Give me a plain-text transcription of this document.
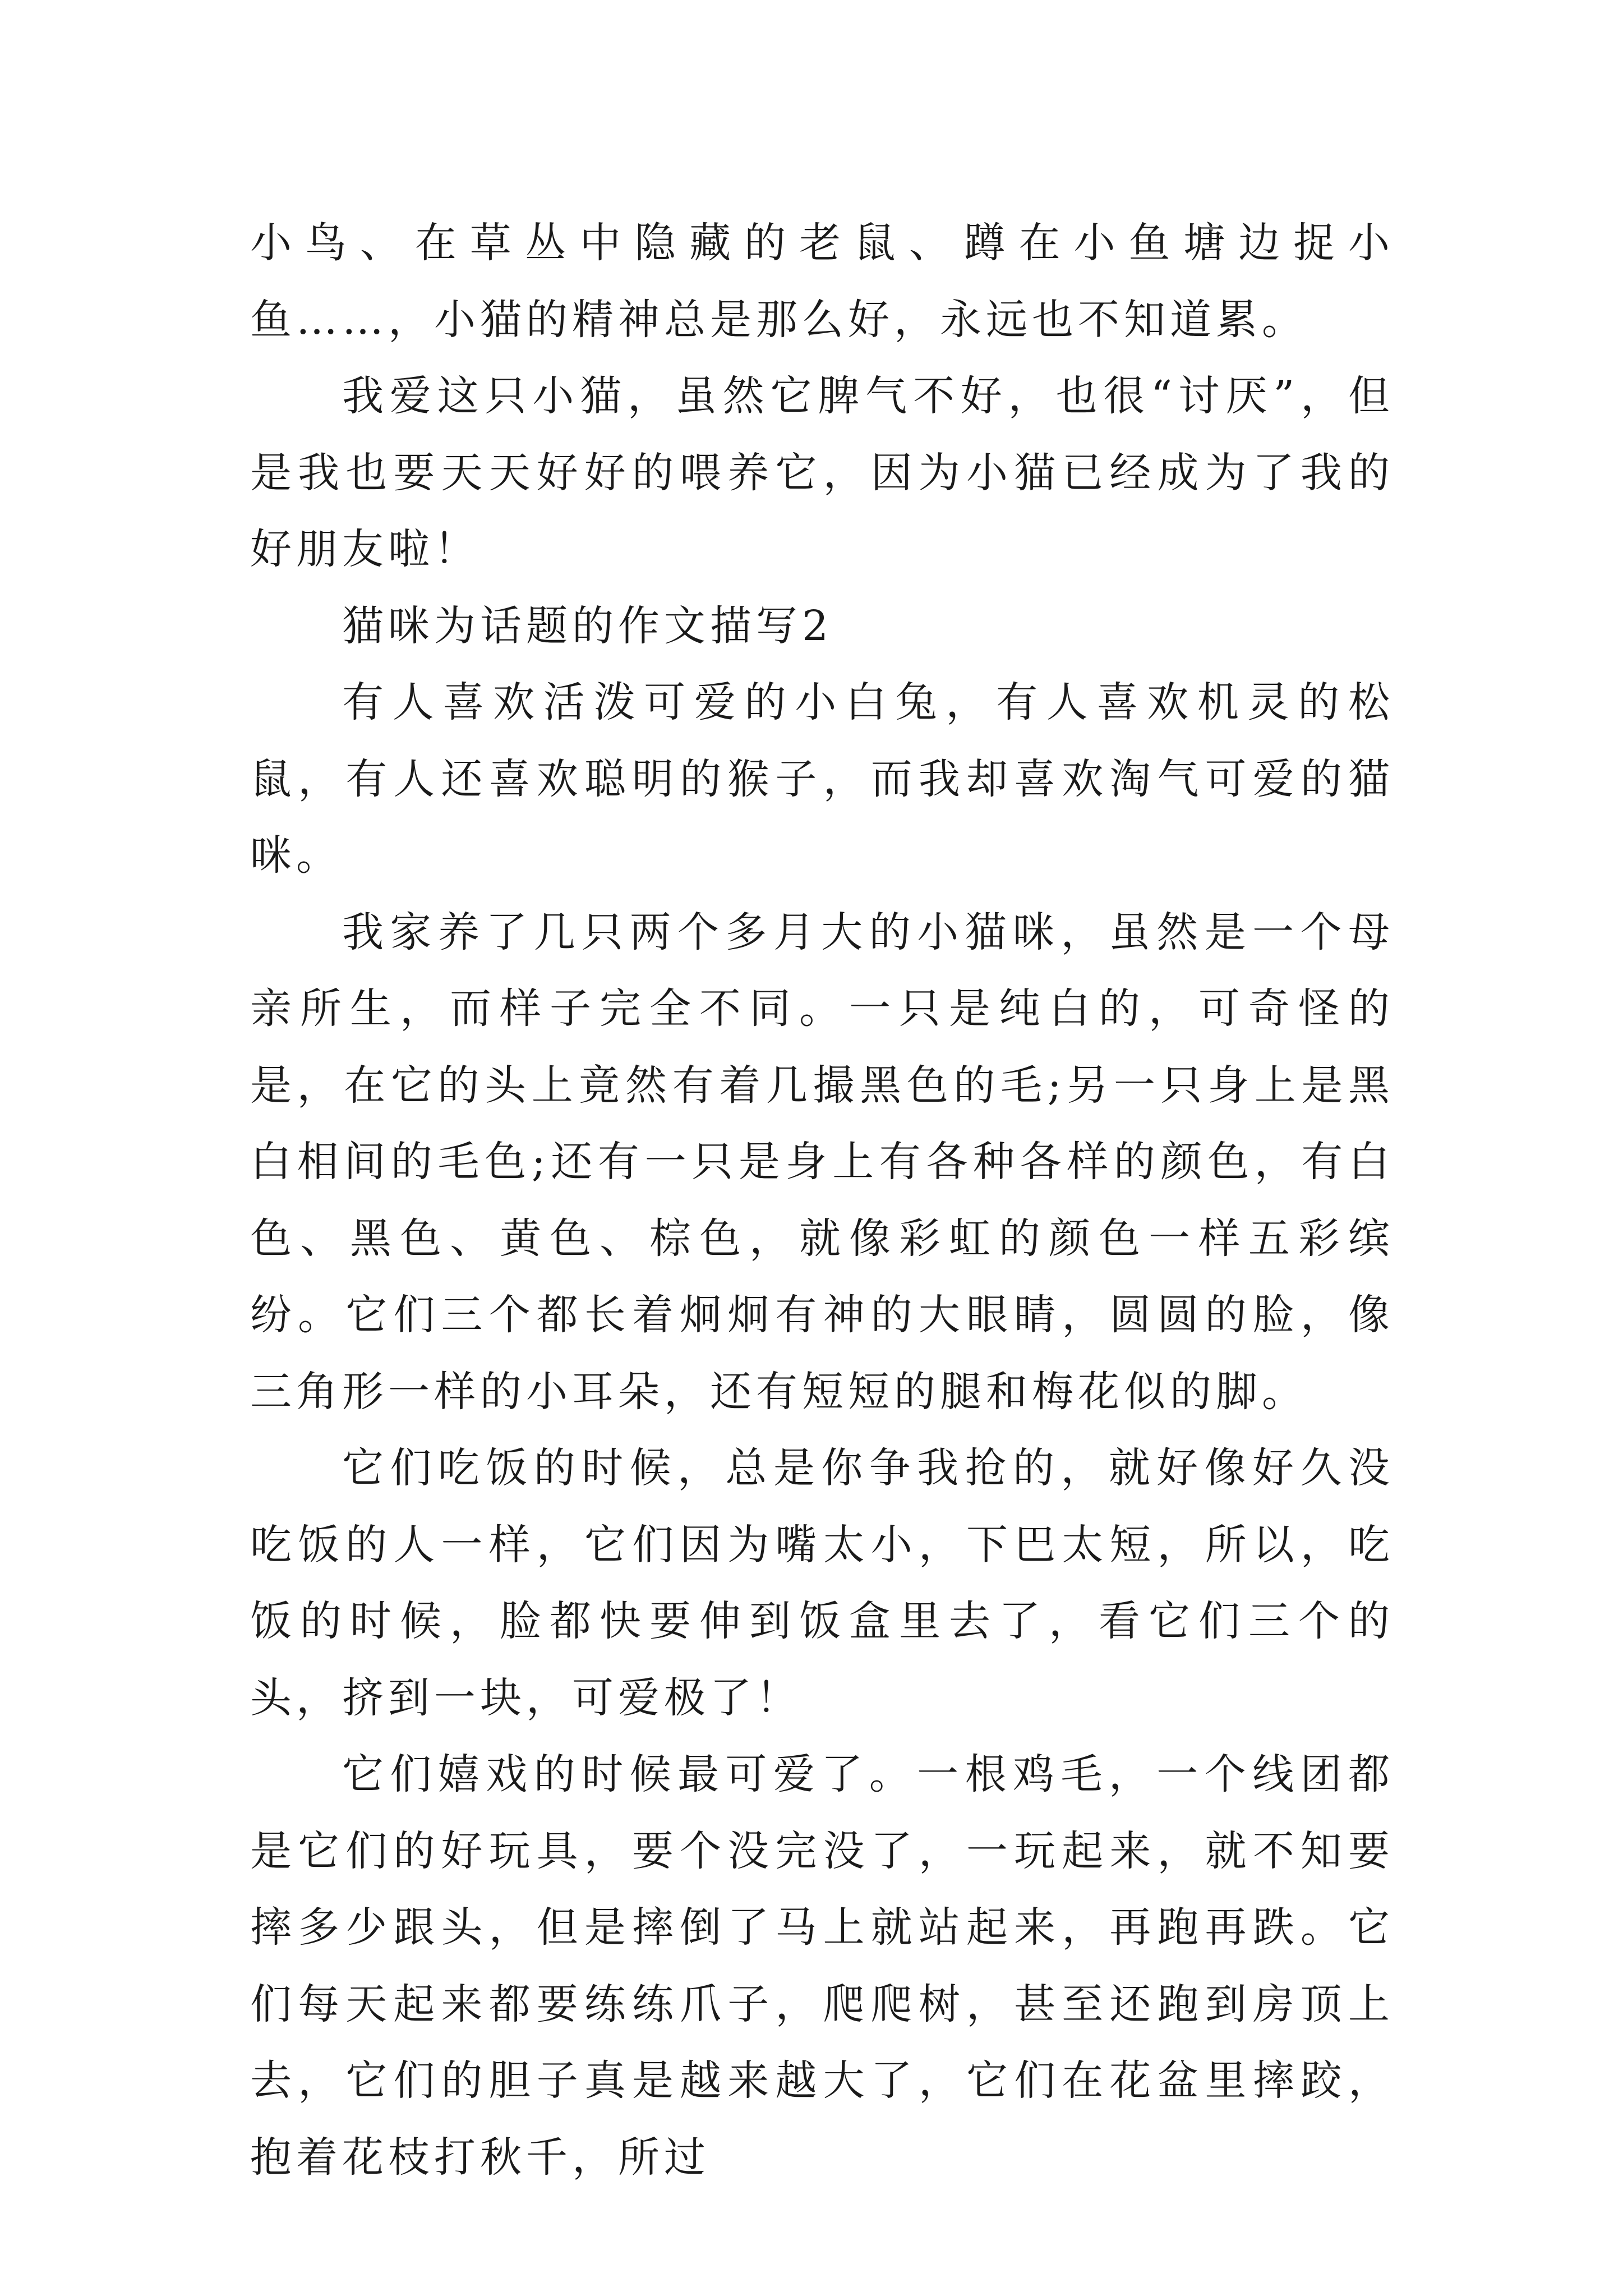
小鸟、在草丛中隐藏的老鼠、蹲在小鱼塘边捉小鱼……，小猫的精神总是那么好，永远也不知道累。

我爱这只小猫，虽然它脾气不好，也很“讨厌”，但是我也要天天好好的喂养它，因为小猫已经成为了我的好朋友啦！

猫咪为话题的作文描写2

有人喜欢活泼可爱的小白兔，有人喜欢机灵的松鼠，有人还喜欢聪明的猴子，而我却喜欢淘气可爱的猫咪。

我家养了几只两个多月大的小猫咪，虽然是一个母亲所生，而样子完全不同。一只是纯白的，可奇怪的是，在它的头上竟然有着几撮黑色的毛;另一只身上是黑白相间的毛色;还有一只是身上有各种各样的颜色，有白色、黑色、黄色、棕色，就像彩虹的颜色一样五彩缤纷。它们三个都长着炯炯有神的大眼睛，圆圆的脸，像三角形一样的小耳朵，还有短短的腿和梅花似的脚。

它们吃饭的时候，总是你争我抢的，就好像好久没吃饭的人一样，它们因为嘴太小，下巴太短，所以，吃饭的时候，脸都快要伸到饭盒里去了，看它们三个的头，挤到一块，可爱极了！

它们嬉戏的时候最可爱了。一根鸡毛，一个线团都是它们的好玩具，要个没完没了，一玩起来，就不知要摔多少跟头，但是摔倒了马上就站起来，再跑再跌。它们每天起来都要练练爪子，爬爬树，甚至还跑到房顶上去，它们的胆子真是越来越大了，它们在花盆里摔跤，抱着花枝打秋千，所过
